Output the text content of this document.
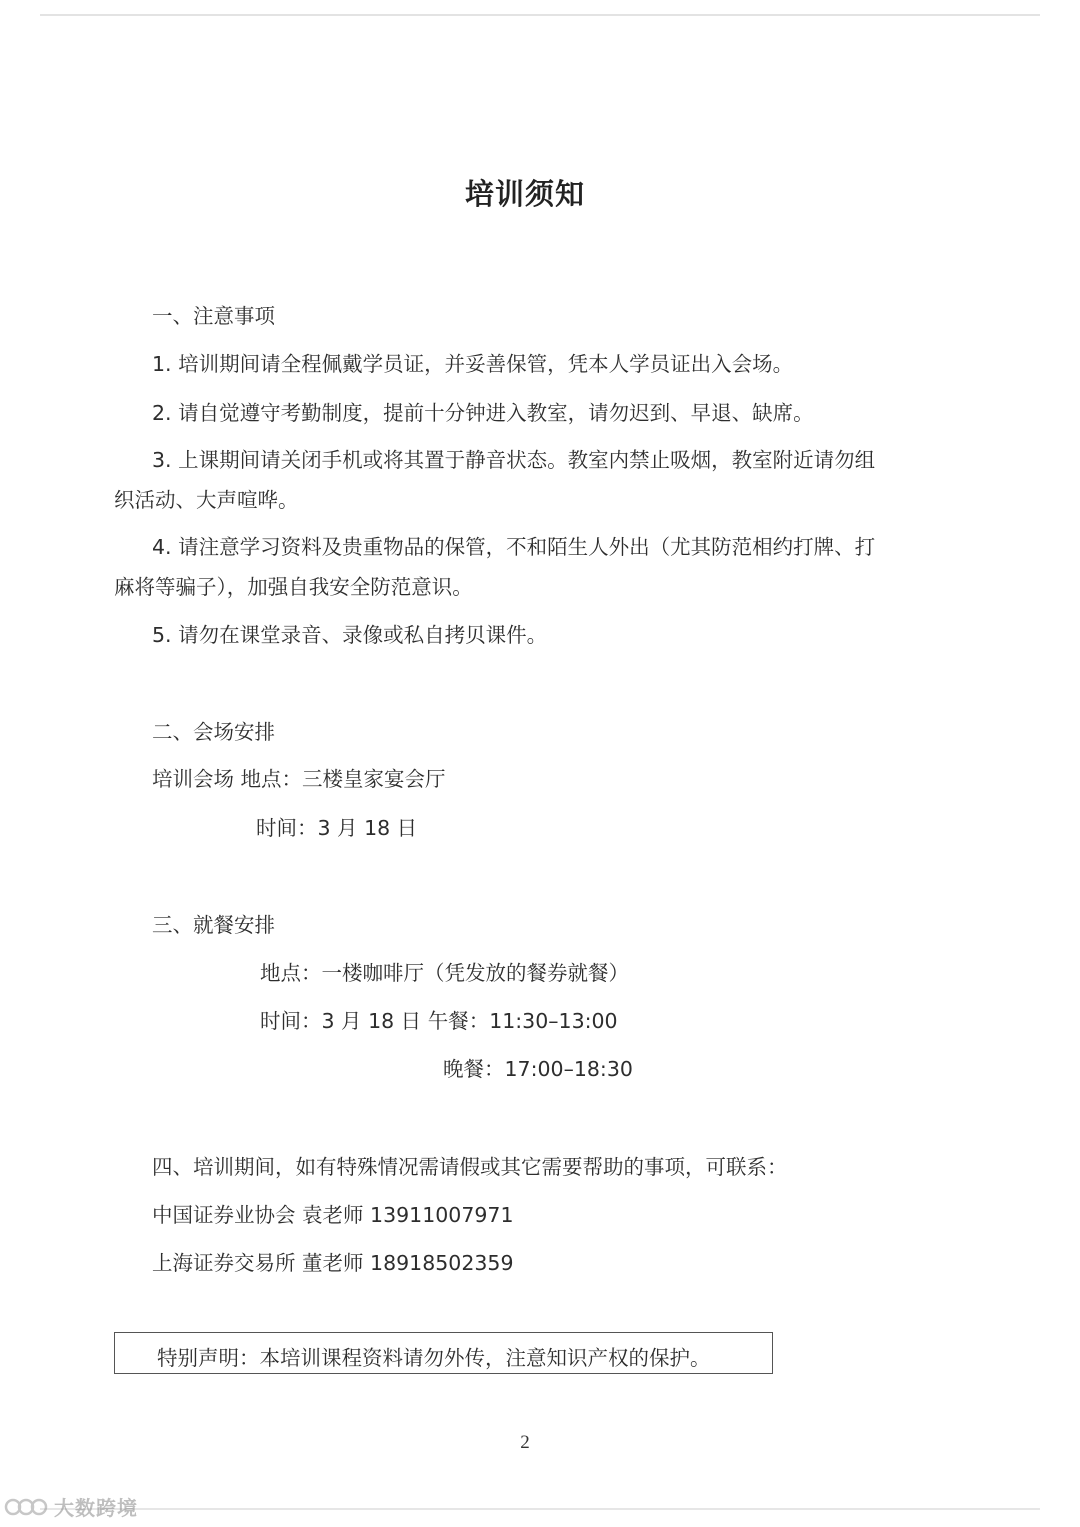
培训须知
一、注意事项
1. 培训期间请全程佩戴学员证，并妥善保管，凭本人学员证出入会场。
2. 请自觉遵守考勤制度，提前十分钟进入教室，请勿迟到、早退、缺席。
3. 上课期间请关闭手机或将其置于静音状态。教室内禁止吸烟，教室附近请勿组
织活动、大声喧哗。
4. 请注意学习资料及贵重物品的保管，不和陌生人外出（尤其防范相约打牌、打
麻将等骗子），加强自我安全防范意识。
5. 请勿在课堂录音、录像或私自拷贝课件。
二、会场安排
培训会场 地点：三楼皇家宴会厅
时间：3 月 18 日
三、就餐安排
地点：一楼咖啡厅（凭发放的餐券就餐）
时间：3 月 18 日 午餐：11:30–13:00
晚餐：17:00–18:30
四、培训期间，如有特殊情况需请假或其它需要帮助的事项，可联系：
中国证券业协会 袁老师 13911007971
上海证券交易所 董老师 18918502359
特别声明：本培训课程资料请勿外传，注意知识产权的保护。
2
大数跨境
